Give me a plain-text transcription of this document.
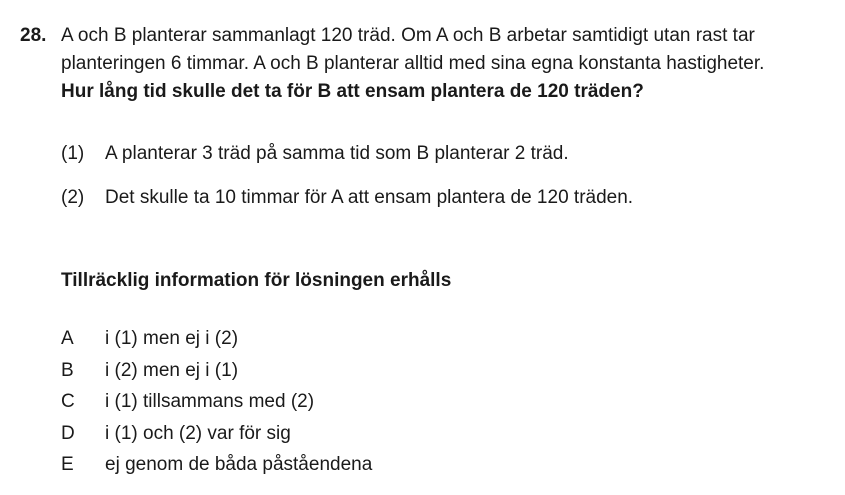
28. A och B planterar sammanlagt 120 träd. Om A och B arbetar samtidigt utan rast tar
planteringen 6 timmar. A och B planterar alltid med sina egna konstanta hastigheter.
Hur lång tid skulle det ta för B att ensam plantera de 120 träden?
(1) A planterar 3 träd på samma tid som B planterar 2 träd.
(2) Det skulle ta 10 timmar för A att ensam plantera de 120 träden.
Tillräcklig information för lösningen erhålls
A i (1) men ej i (2)
B i (2) men ej i (1)
C i (1) tillsammans med (2)
D i (1) och (2) var för sig
E ej genom de båda påståendena
